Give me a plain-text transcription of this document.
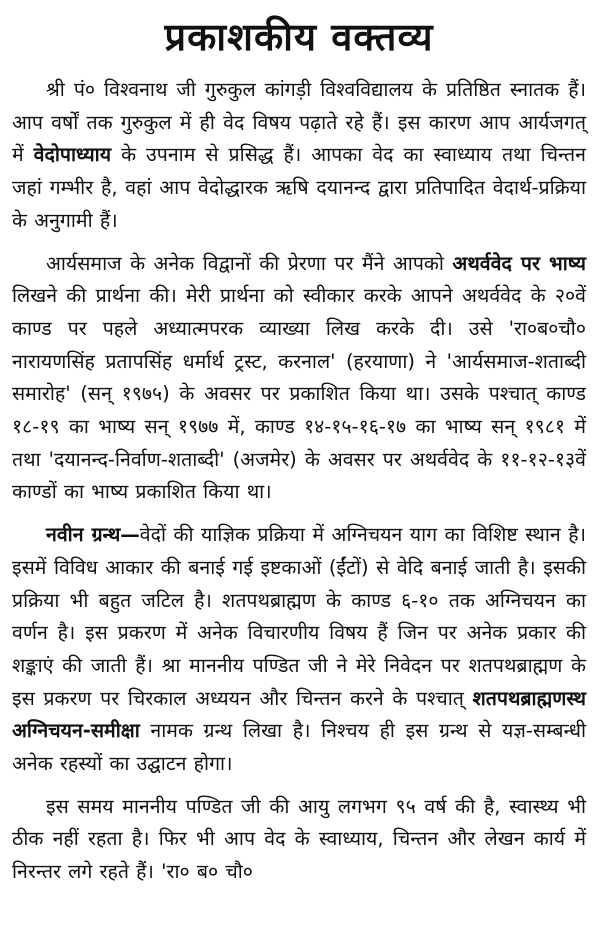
प्रकाशकीय वक्तव्य

श्री पं० विश्वनाथ जी गुरुकुल कांगड़ी विश्वविद्यालय के प्रतिष्ठित स्नातक हैं। आप वर्षों तक गुरुकुल में ही वेद विषय पढ़ाते रहे हैं। इस कारण आप आर्यजगत् में वेदोपाध्याय के उपनाम से प्रसिद्ध हैं। आपका वेद का स्वाध्याय तथा चिन्तन जहां गम्भीर है, वहां आप वेदोद्धारक ऋषि दयानन्द द्वारा प्रतिपादित वेदार्थ-प्रक्रिया के अनुगामी हैं।

आर्यसमाज के अनेक विद्वानों की प्रेरणा पर मैंने आपको अथर्ववेद पर भाष्य लिखने की प्रार्थना की। मेरी प्रार्थना को स्वीकार करके आपने अथर्ववेद के २०वें काण्ड पर पहले अध्यात्मपरक व्याख्या लिख करके दी। उसे 'रा०ब०चौ० नारायणसिंह प्रतापसिंह धर्मार्थ ट्रस्ट, करनाल' (हरयाणा) ने 'आर्यसमाज-शताब्दी समारोह' (सन् १९७५) के अवसर पर प्रकाशित किया था। उसके पश्चात् काण्ड १८-१९ का भाष्य सन् १९७७ में, काण्ड १४-१५-१६-१७ का भाष्य सन् १९८१ में तथा 'दयानन्द-निर्वाण-शताब्दी' (अजमेर) के अवसर पर अथर्ववेद के ११-१२-१३वें काण्डों का भाष्य प्रकाशित किया था।

नवीन ग्रन्थ—वेदों की याज्ञिक प्रक्रिया में अग्निचयन याग का विशिष्ट स्थान है। इसमें विविध आकार की बनाई गई इष्टकाओं (ईंटों) से वेदि बनाई जाती है। इसकी प्रक्रिया भी बहुत जटिल है। शतपथब्राह्मण के काण्ड ६-१० तक अग्निचयन का वर्णन है। इस प्रकरण में अनेक विचारणीय विषय हैं जिन पर अनेक प्रकार की शङ्काएं की जाती हैं। श्रा माननीय पण्डित जी ने मेरे निवेदन पर शतपथब्राह्मण के इस प्रकरण पर चिरकाल अध्ययन और चिन्तन करने के पश्चात् शतपथब्राह्मणस्थ अग्निचयन-समीक्षा नामक ग्रन्थ लिखा है। निश्चय ही इस ग्रन्थ से यज्ञ-सम्बन्धी अनेक रहस्यों का उद्घाटन होगा।

इस समय माननीय पण्डित जी की आयु लगभग ९५ वर्ष की है, स्वास्थ्य भी ठीक नहीं रहता है। फिर भी आप वेद के स्वाध्याय, चिन्तन और लेखन कार्य में निरन्तर लगे रहते हैं। 'रा० ब० चौ०
